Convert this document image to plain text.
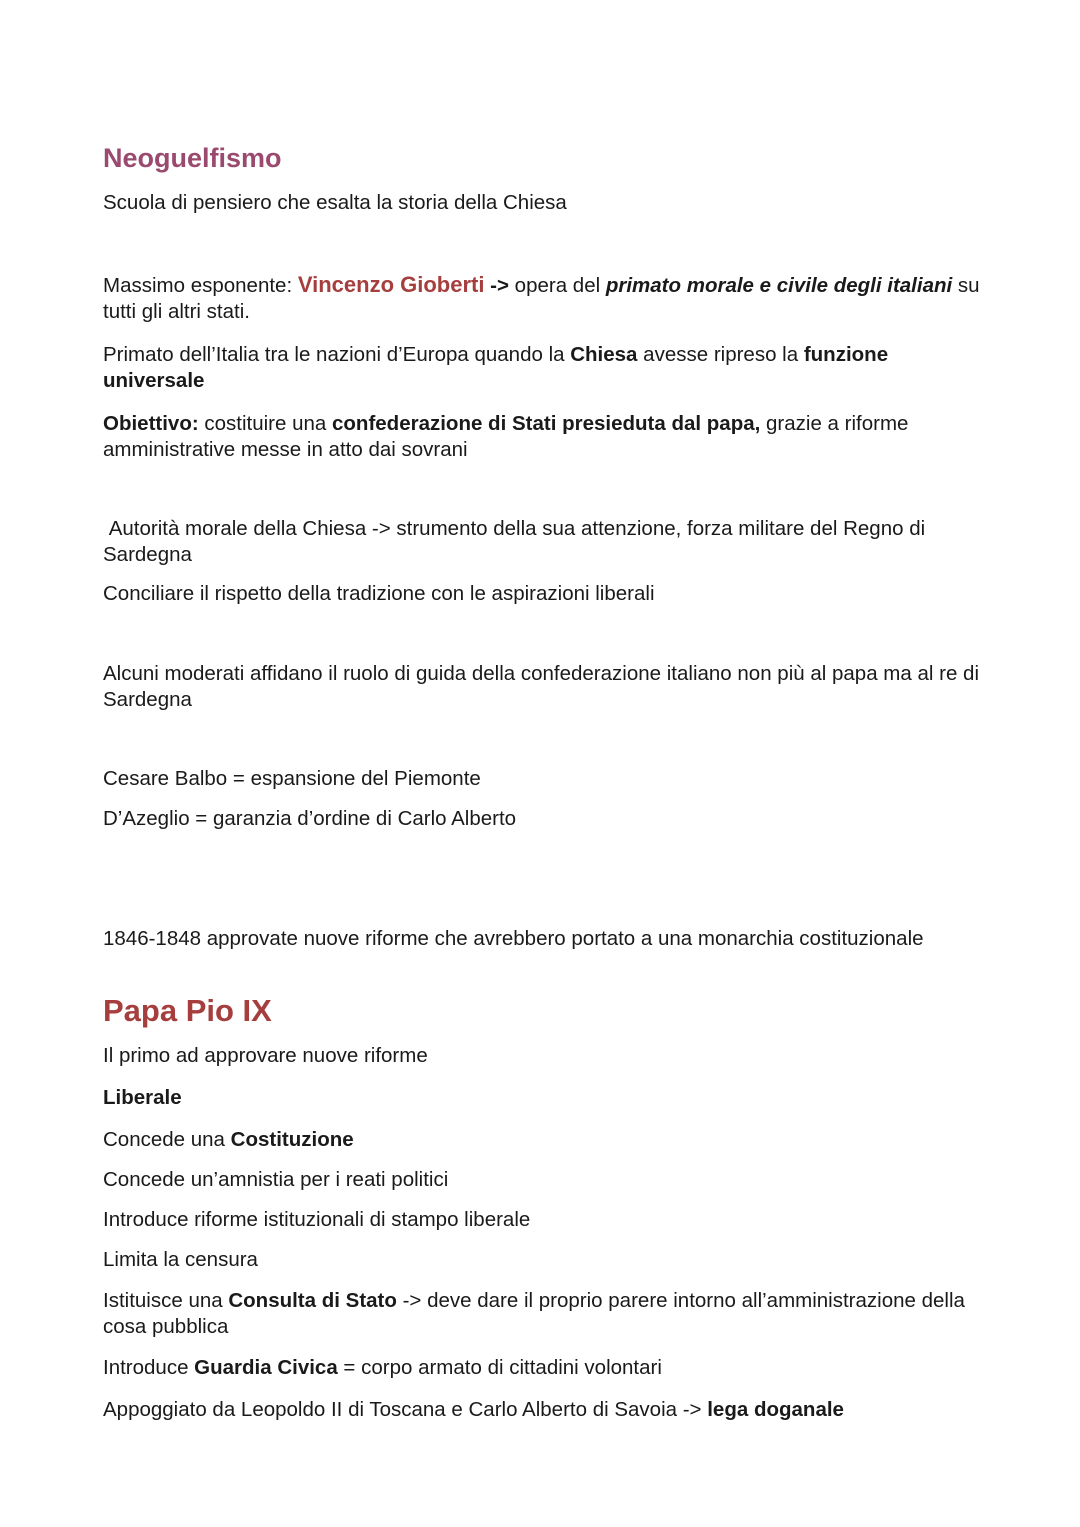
Neoguelfismo

Scuola di pensiero che esalta la storia della Chiesa

Massimo esponente: Vincenzo Gioberti -> opera del primato morale e civile degli italiani su tutti gli altri stati.

Primato dell’Italia tra le nazioni d’Europa quando la Chiesa avesse ripreso la funzione universale

Obiettivo: costituire una confederazione di Stati presieduta dal papa, grazie a riforme amministrative messe in atto dai sovrani

Autorità morale della Chiesa -> strumento della sua attenzione, forza militare del Regno di Sardegna

Conciliare il rispetto della tradizione con le aspirazioni liberali

Alcuni moderati affidano il ruolo di guida della confederazione italiano non più al papa ma al re di Sardegna

Cesare Balbo = espansione del Piemonte

D’Azeglio = garanzia d’ordine di Carlo Alberto

1846-1848 approvate nuove riforme che avrebbero portato a una monarchia costituzionale

Papa Pio IX

Il primo ad approvare nuove riforme

Liberale

Concede una Costituzione

Concede un’amnistia per i reati politici

Introduce riforme istituzionali di stampo liberale

Limita la censura

Istituisce una Consulta di Stato -> deve dare il proprio parere intorno all’amministrazione della cosa pubblica

Introduce Guardia Civica = corpo armato di cittadini volontari

Appoggiato da Leopoldo II di Toscana e Carlo Alberto di Savoia -> lega doganale
